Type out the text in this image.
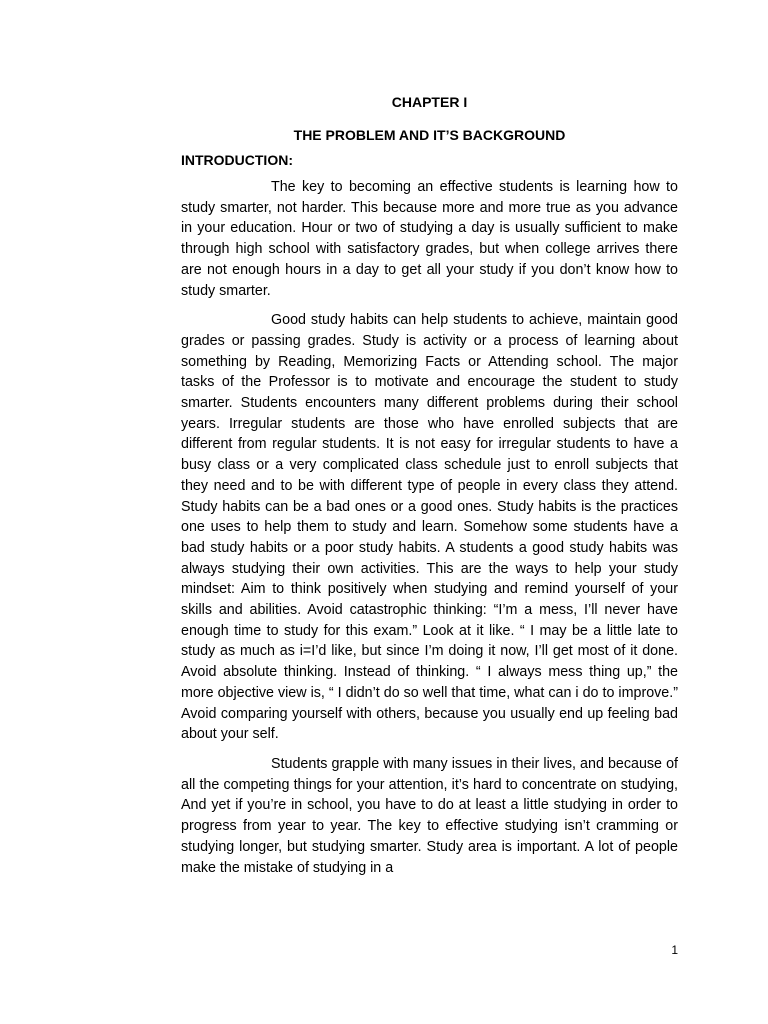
CHAPTER I

THE PROBLEM AND IT’S BACKGROUND

INTRODUCTION:

The key to becoming an effective students is learning how to study smarter, not harder. This because more and more true as you advance in your education. Hour or two of studying a day is usually sufficient to make through high school with satisfactory grades, but when college arrives there are not enough hours in a day to get all your study if you don’t know how to study smarter.

Good study habits can help students to achieve, maintain good grades or passing grades. Study is activity or a process of learning about something by Reading, Memorizing Facts or Attending school. The major tasks of the Professor is to motivate and encourage the student to study smarter. Students encounters many different problems during their school years. Irregular students are those who have enrolled subjects that are different from regular students. It is not easy for irregular students to have a busy class or a very complicated class schedule just to enroll subjects that they need and to be with different type of people in every class they attend. Study habits can be a bad ones or a good ones. Study habits is the practices one uses to help them to study and learn. Somehow some students have a bad study habits or a poor study habits. A students a good study habits was always studying their own activities. This are the ways to help your study mindset: Aim to think positively when studying and remind yourself of your skills and abilities. Avoid catastrophic thinking: “I’m a mess, I’ll never have enough time to study for this exam.” Look at it like. “ I may be a little late to study as much as i=I’d like, but since I’m doing it now, I’ll get most of it done. Avoid absolute thinking. Instead of thinking. “ I always mess thing up,” the more objective view is, “ I didn’t do so well that time, what can i do to improve.” Avoid comparing yourself with others, because you usually end up feeling bad about your self.

Students grapple with many issues in their lives, and because of all the competing things for your attention, it’s hard to concentrate on studying, And yet if you’re in school, you have to do at least a little studying in order to progress from year to year. The key to effective studying isn’t cramming or studying longer, but studying smarter. Study area is important. A lot of people make the mistake of studying in a

1
